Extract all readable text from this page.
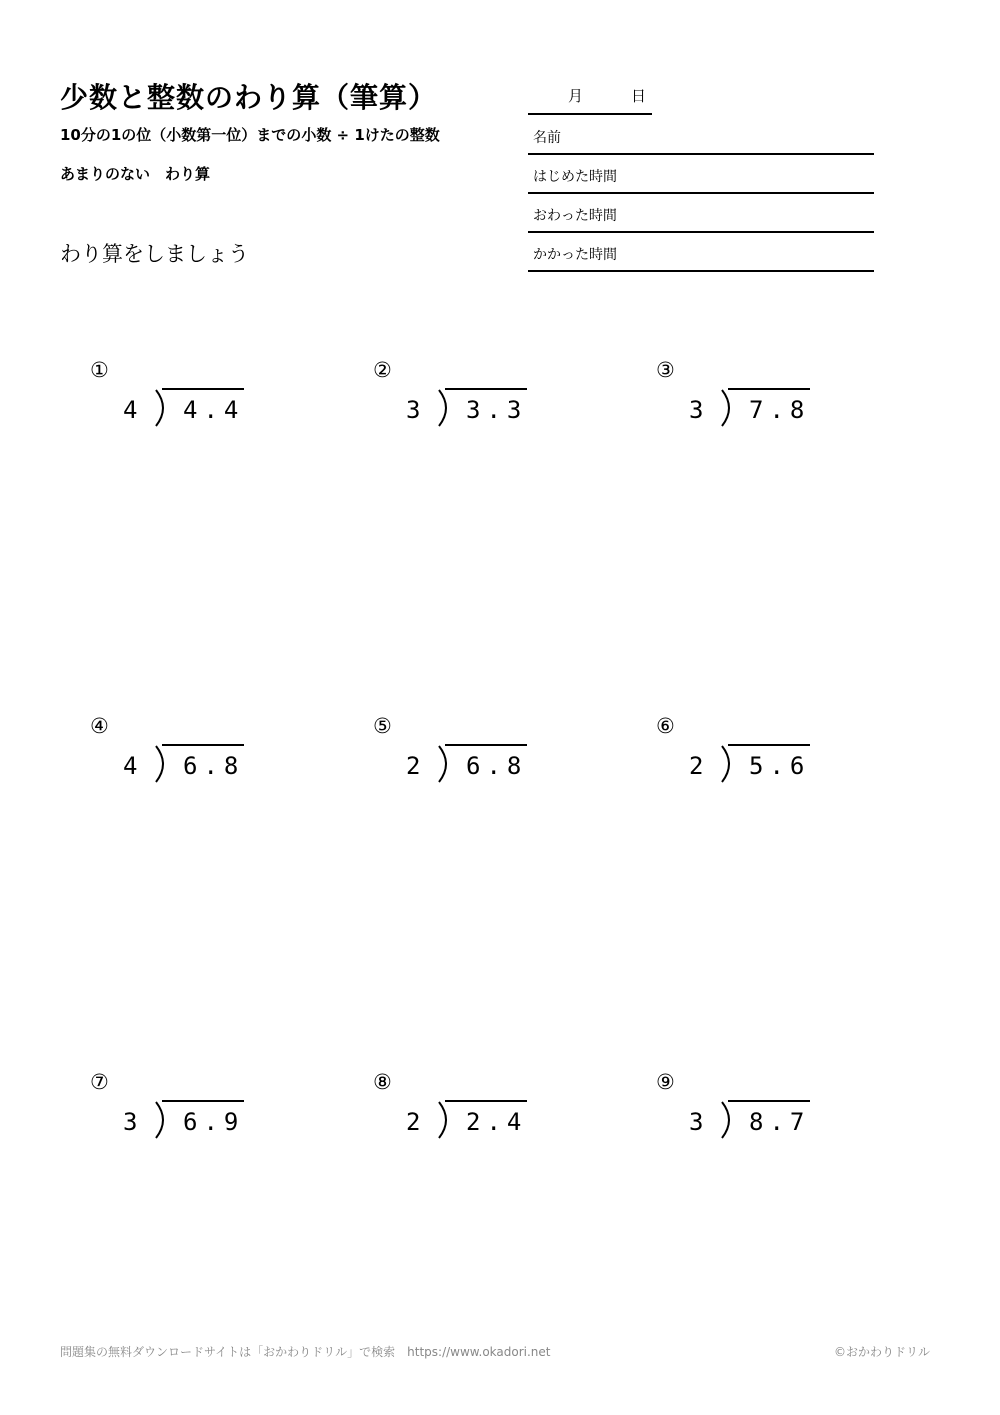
少数と整数のわり算（筆算）
10分の1の位（小数第一位）までの小数 ÷ 1けたの整数
あまりのない　わり算
わり算をしましょう
月	日
名前
はじめた時間
おわった時間
かかった時間
①
4 4.4
②
3 3.3
③
3 7.8
④
4 6.8
⑤
2 6.8
⑥
2 5.6
⑦
3 6.9
⑧
2 2.4
⑨
3 8.7
問題集の無料ダウンロードサイトは「おかわりドリル」で検索　https://www.okadori.net	©おかわりドリル
